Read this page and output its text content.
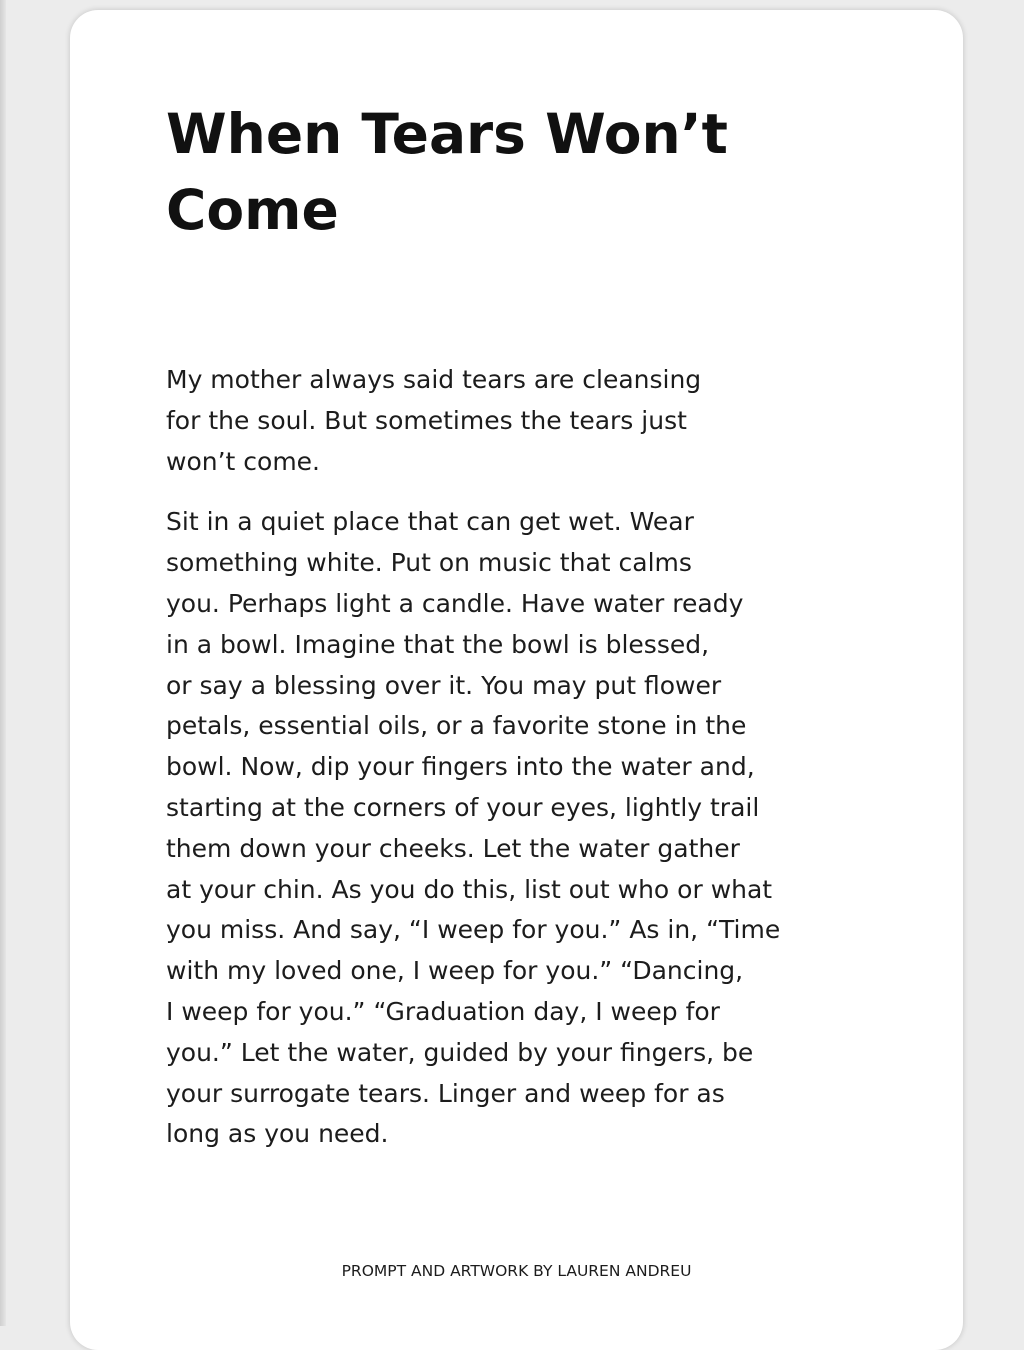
When Tears Won’t
Come

My mother always said tears are cleansing

for the soul. But sometimes the tears just

won’t come.

Sit in a quiet place that can get wet. Wear

something white. Put on music that calms

you. Perhaps light a candle. Have water ready

in a bowl. Imagine that the bowl is blessed,

or say a blessing over it. You may put flower

petals, essential oils, or a favorite stone in the

bowl. Now, dip your fingers into the water and,

starting at the corners of your eyes, lightly trail

them down your cheeks. Let the water gather

at your chin. As you do this, list out who or what

you miss. And say, “I weep for you.” As in, “Time

with my loved one, I weep for you.” “Dancing,

I weep for you.” “Graduation day, I weep for

you.” Let the water, guided by your fingers, be

your surrogate tears. Linger and weep for as

long as you need.

PROMPT AND ARTWORK BY LAUREN ANDREU
